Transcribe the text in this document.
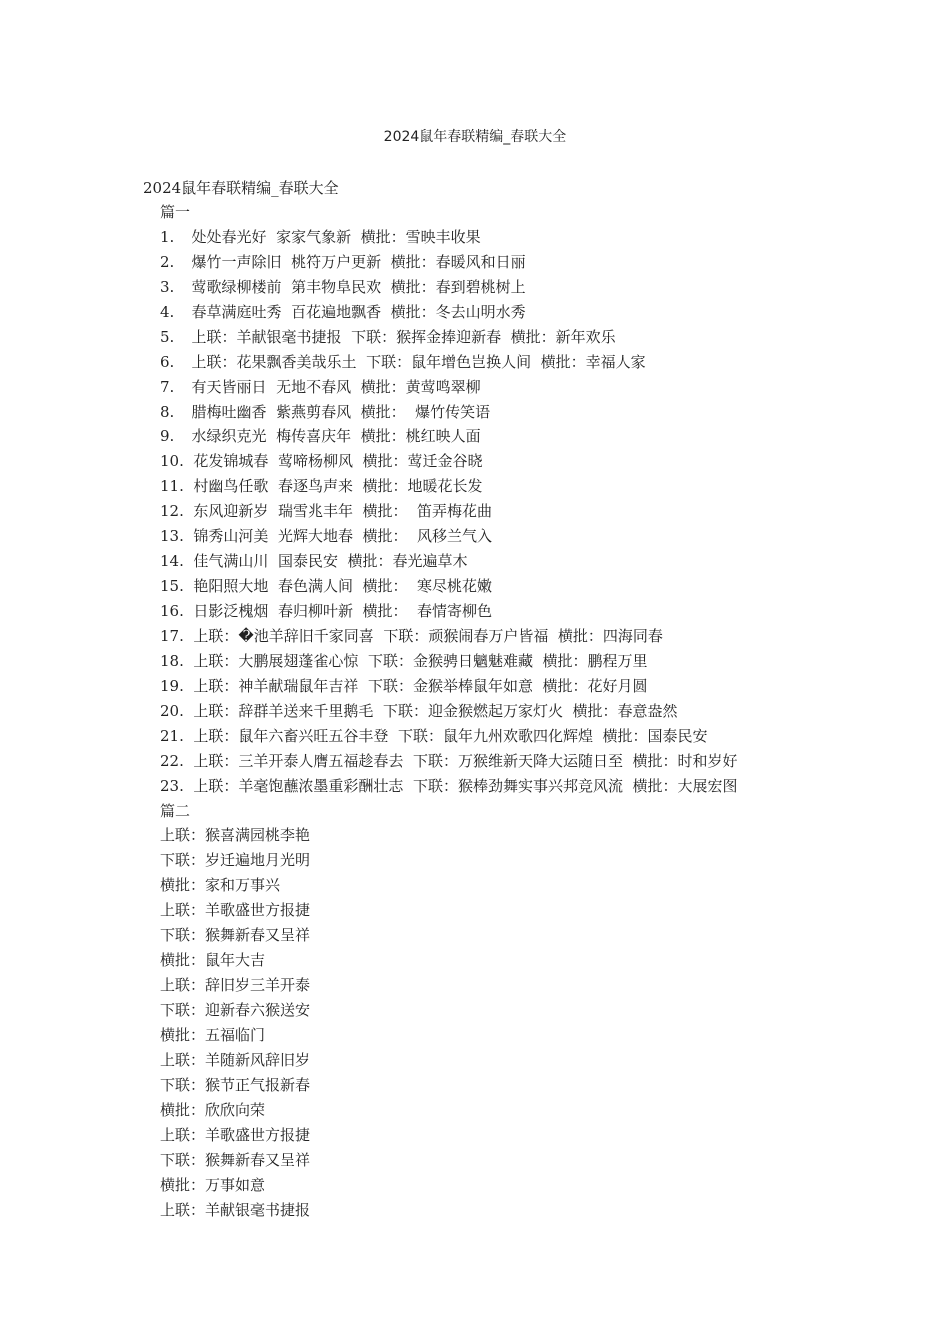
2024鼠年春联精编_春联大全
2024鼠年春联精编_春联大全
篇一
1. 处处春光好  家家气象新  横批：雪映丰收果
2. 爆竹一声除旧  桃符万户更新  横批：春暖风和日丽
3. 莺歌绿柳楼前  第丰物阜民欢  横批：春到碧桃树上
4. 春草满庭吐秀  百花遍地飘香  横批：冬去山明水秀
5. 上联：羊献银毫书捷报  下联：猴挥金捧迎新春  横批：新年欢乐
6. 上联：花果飘香美哉乐土  下联：鼠年增色岂换人间  横批：幸福人家
7. 有天皆丽日  无地不春风  横批：黄莺鸣翠柳
8. 腊梅吐幽香  紫燕剪春风  横批：  爆竹传笑语
9. 水绿织克光  梅传喜庆年  横批：桃红映人面
10. 花发锦城春  莺啼杨柳风  横批：莺迁金谷晓
11. 村幽鸟任歌  春逐鸟声来  横批：地暖花长发
12. 东风迎新岁  瑞雪兆丰年  横批：  笛弄梅花曲
13. 锦秀山河美  光辉大地春  横批：  风移兰气入
14. 佳气满山川  国泰民安  横批：春光遍草木
15. 艳阳照大地  春色满人间  横批：  寒尽桃花嫩
16. 日影泛槐烟  春归柳叶新  横批：  春情寄柳色
17. 上联：�池羊辞旧千家同喜  下联：顽猴闹春万户皆福  横批：四海同春
18. 上联：大鹏展翅蓬雀心惊  下联：金猴骋日魑魅难藏  横批：鹏程万里
19. 上联：神羊献瑞鼠年吉祥  下联：金猴举棒鼠年如意  横批：花好月圆
20. 上联：辞群羊送来千里鹅毛  下联：迎金猴燃起万家灯火  横批：春意盎然
21. 上联：鼠年六畜兴旺五谷丰登  下联：鼠年九州欢歌四化辉煌  横批：国泰民安
22. 上联：三羊开泰人膺五福趁春去  下联：万猴维新天降大运随日至  横批：时和岁好
23. 上联：羊毫饱蘸浓墨重彩酬壮志  下联：猴棒劲舞实事兴邦竞风流  横批：大展宏图
篇二
上联：猴喜满园桃李艳
下联：岁迁遍地月光明
横批：家和万事兴
上联：羊歌盛世方报捷
下联：猴舞新春又呈祥
横批：鼠年大吉
上联：辞旧岁三羊开泰
下联：迎新春六猴送安
横批：五福临门
上联：羊随新风辞旧岁
下联：猴节正气报新春
横批：欣欣向荣
上联：羊歌盛世方报捷
下联：猴舞新春又呈祥
横批：万事如意
上联：羊献银毫书捷报
